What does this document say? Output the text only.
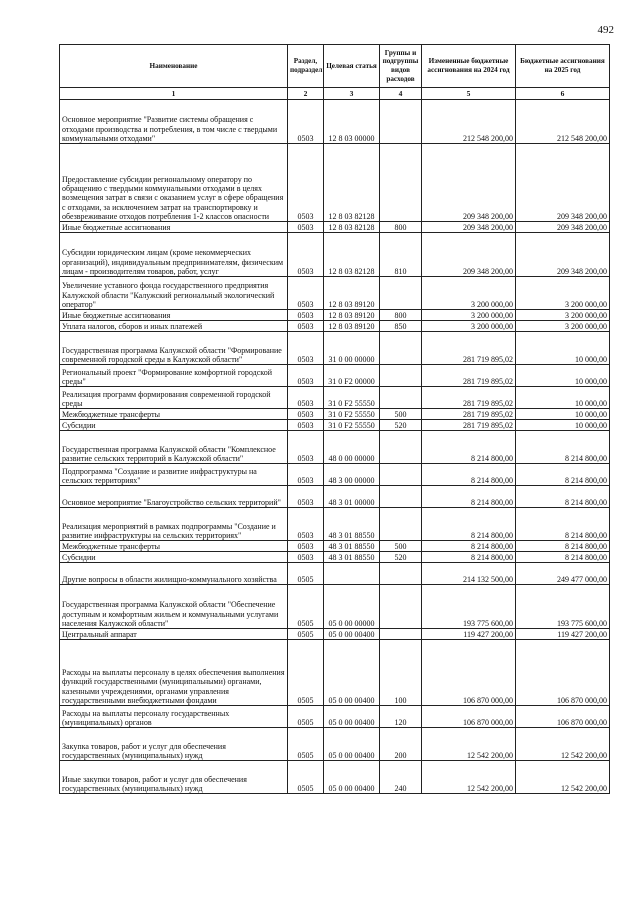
492
Наименование	Раздел, подраздел	Целевая статья	Группы и подгруппы видов расходов	Измененные бюджетные ассигнования на 2024 год	Бюджетные ассигнования на 2025 год
1	2	3	4	5	6
Основное мероприятие "Развитие системы обращения с отходами производства и потребления, в том числе с твердыми коммунальными отходами"	0503	12 8 03 00000		212 548 200,00	212 548 200,00
Предоставление субсидии региональному оператору по обращению с твердыми коммунальными отходами в целях возмещения затрат в связи с оказанием услуг в сфере обращения с отходами, за исключением затрат на транспортировку и обезвреживание отходов потребления 1-2 классов опасности	0503	12 8 03 82128		209 348 200,00	209 348 200,00
Иные бюджетные ассигнования	0503	12 8 03 82128	800	209 348 200,00	209 348 200,00
Субсидии юридическим лицам (кроме некоммерческих организаций), индивидуальным предпринимателям, физическим лицам - производителям товаров, работ, услуг	0503	12 8 03 82128	810	209 348 200,00	209 348 200,00
Увеличение уставного фонда государственного предприятия Калужской области "Калужский региональный экологический оператор"	0503	12 8 03 89120		3 200 000,00	3 200 000,00
Иные бюджетные ассигнования	0503	12 8 03 89120	800	3 200 000,00	3 200 000,00
Уплата налогов, сборов и иных платежей	0503	12 8 03 89120	850	3 200 000,00	3 200 000,00
Государственная программа Калужской области "Формирование современной городской среды в Калужской области"	0503	31 0 00 00000		281 719 895,02	10 000,00
Региональный проект "Формирование комфортной городской среды"	0503	31 0 F2 00000		281 719 895,02	10 000,00
Реализация программ формирования современной городской среды	0503	31 0 F2 55550		281 719 895,02	10 000,00
Межбюджетные трансферты	0503	31 0 F2 55550	500	281 719 895,02	10 000,00
Субсидии	0503	31 0 F2 55550	520	281 719 895,02	10 000,00
Государственная программа Калужской области "Комплексное развитие сельских территорий в Калужской области"	0503	48 0 00 00000		8 214 800,00	8 214 800,00
Подпрограмма "Создание и развитие инфраструктуры на сельских территориях"	0503	48 3 00 00000		8 214 800,00	8 214 800,00
Основное мероприятие "Благоустройство сельских территорий"	0503	48 3 01 00000		8 214 800,00	8 214 800,00
Реализация мероприятий в рамках подпрограммы "Создание и развитие инфраструктуры на сельских территориях"	0503	48 3 01 88550		8 214 800,00	8 214 800,00
Межбюджетные трансферты	0503	48 3 01 88550	500	8 214 800,00	8 214 800,00
Субсидии	0503	48 3 01 88550	520	8 214 800,00	8 214 800,00
Другие вопросы в области жилищно-коммунального хозяйства	0505			214 132 500,00	249 477 000,00
Государственная программа Калужской области "Обеспечение доступным и комфортным жильем и коммунальными услугами населения Калужской области"	0505	05 0 00 00000		193 775 600,00	193 775 600,00
Центральный аппарат	0505	05 0 00 00400		119 427 200,00	119 427 200,00
Расходы на выплаты персоналу в целях обеспечения выполнения функций государственными (муниципальными) органами, казенными учреждениями, органами управления государственными внебюджетными фондами	0505	05 0 00 00400	100	106 870 000,00	106 870 000,00
Расходы на выплаты персоналу государственных (муниципальных) органов	0505	05 0 00 00400	120	106 870 000,00	106 870 000,00
Закупка товаров, работ и услуг для обеспечения государственных (муниципальных) нужд	0505	05 0 00 00400	200	12 542 200,00	12 542 200,00
Иные закупки товаров, работ и услуг для обеспечения государственных (муниципальных) нужд	0505	05 0 00 00400	240	12 542 200,00	12 542 200,00
